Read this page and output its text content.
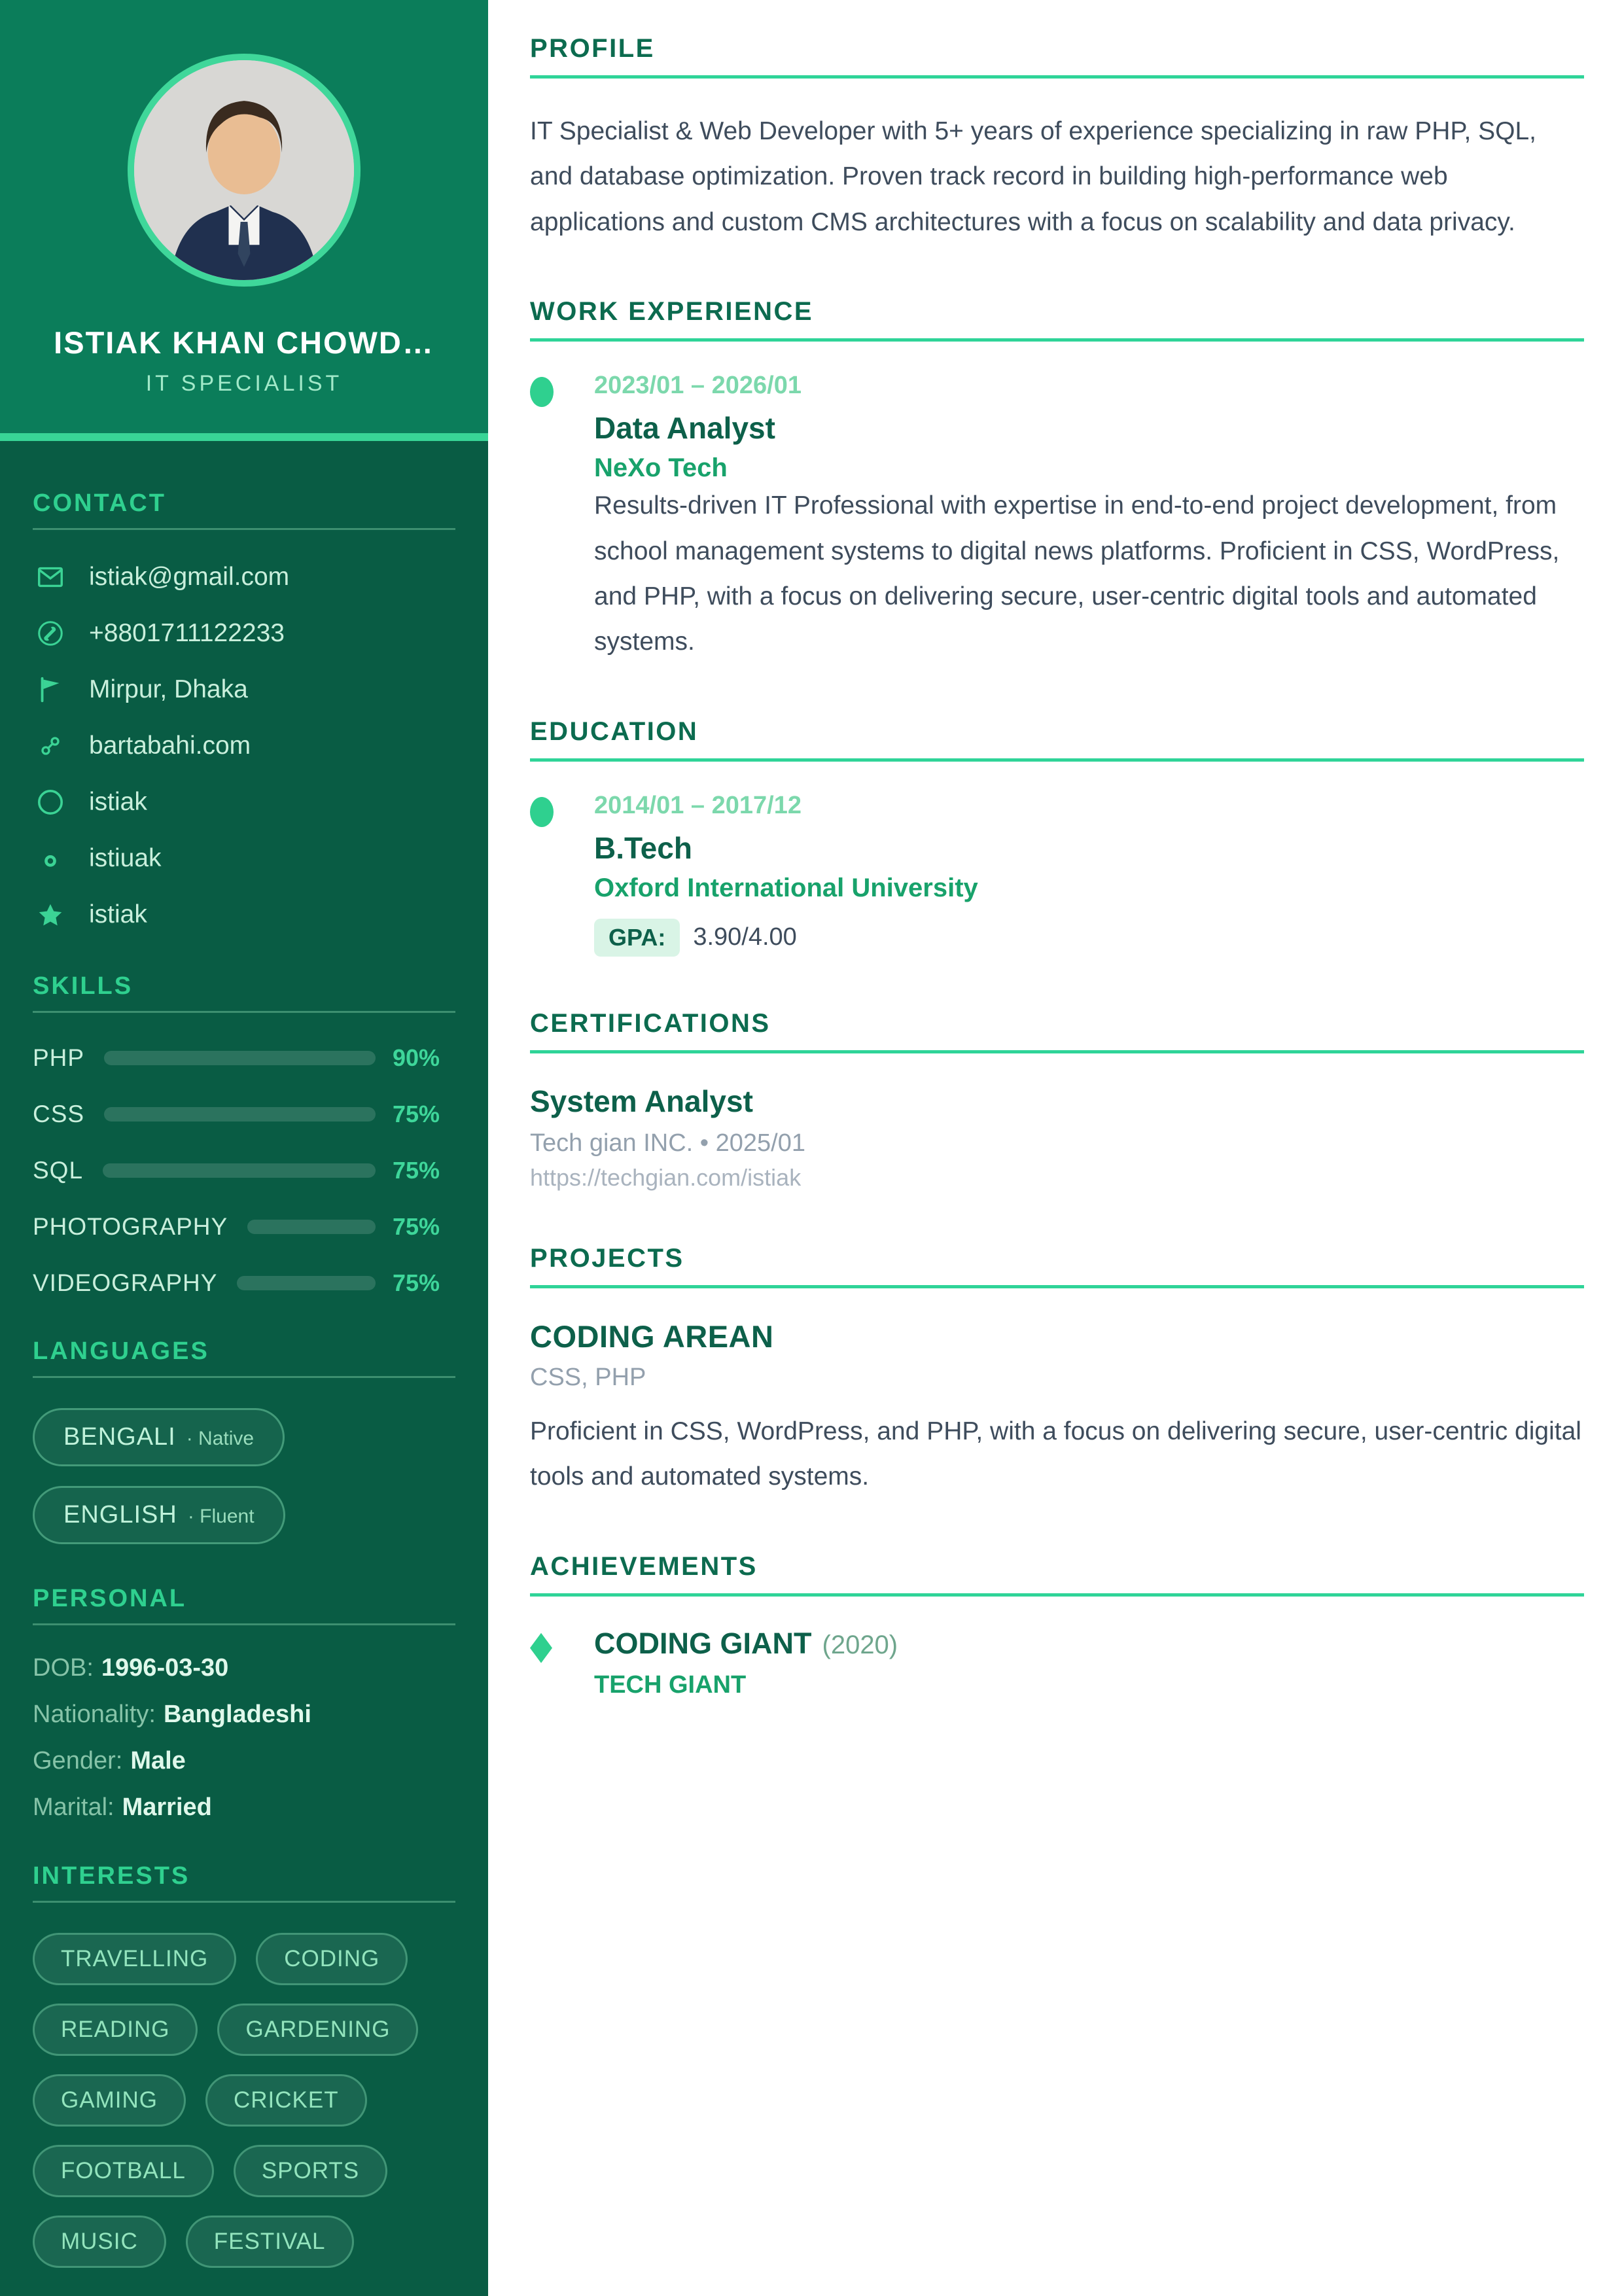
ISTIAK KHAN CHOWD…
IT SPECIALIST
CONTACT
istiak@gmail.com
+8801711122233
Mirpur, Dhaka
bartabahi.com
istiak
istiuak
istiak
SKILLS
PHP	90%
CSS	75%
SQL	75%
PHOTOGRAPHY	75%
VIDEOGRAPHY	75%
LANGUAGES
BENGALI · Native
ENGLISH · Fluent
PERSONAL
DOB: 1996-03-30
Nationality: Bangladeshi
Gender: Male
Marital: Married
INTERESTS
TRAVELLING	CODING
READING	GARDENING
GAMING	CRICKET
FOOTBALL	SPORTS
MUSIC	FESTIVAL
PROFILE

IT Specialist & Web Developer with 5+ years of experience specializing in raw PHP, SQL, and database optimization. Proven track record in building high-performance web applications and custom CMS architectures with a focus on scalability and data privacy.

WORK EXPERIENCE
2023/01 – 2026/01
Data Analyst
NeXo Tech

Results-driven IT Professional with expertise in end-to-end project development, from school management systems to digital news platforms. Proficient in CSS, WordPress, and PHP, with a focus on delivering secure, user-centric digital tools and automated systems.

EDUCATION
2014/01 – 2017/12
B.Tech
Oxford International University
GPA:	3.90/4.00
CERTIFICATIONS
System Analyst
Tech gian INC. • 2025/01
https://techgian.com/istiak
PROJECTS
CODING AREAN
CSS, PHP

Proficient in CSS, WordPress, and PHP, with a focus on delivering secure, user-centric digital tools and automated systems.

ACHIEVEMENTS
CODING GIANT (2020)
TECH GIANT
